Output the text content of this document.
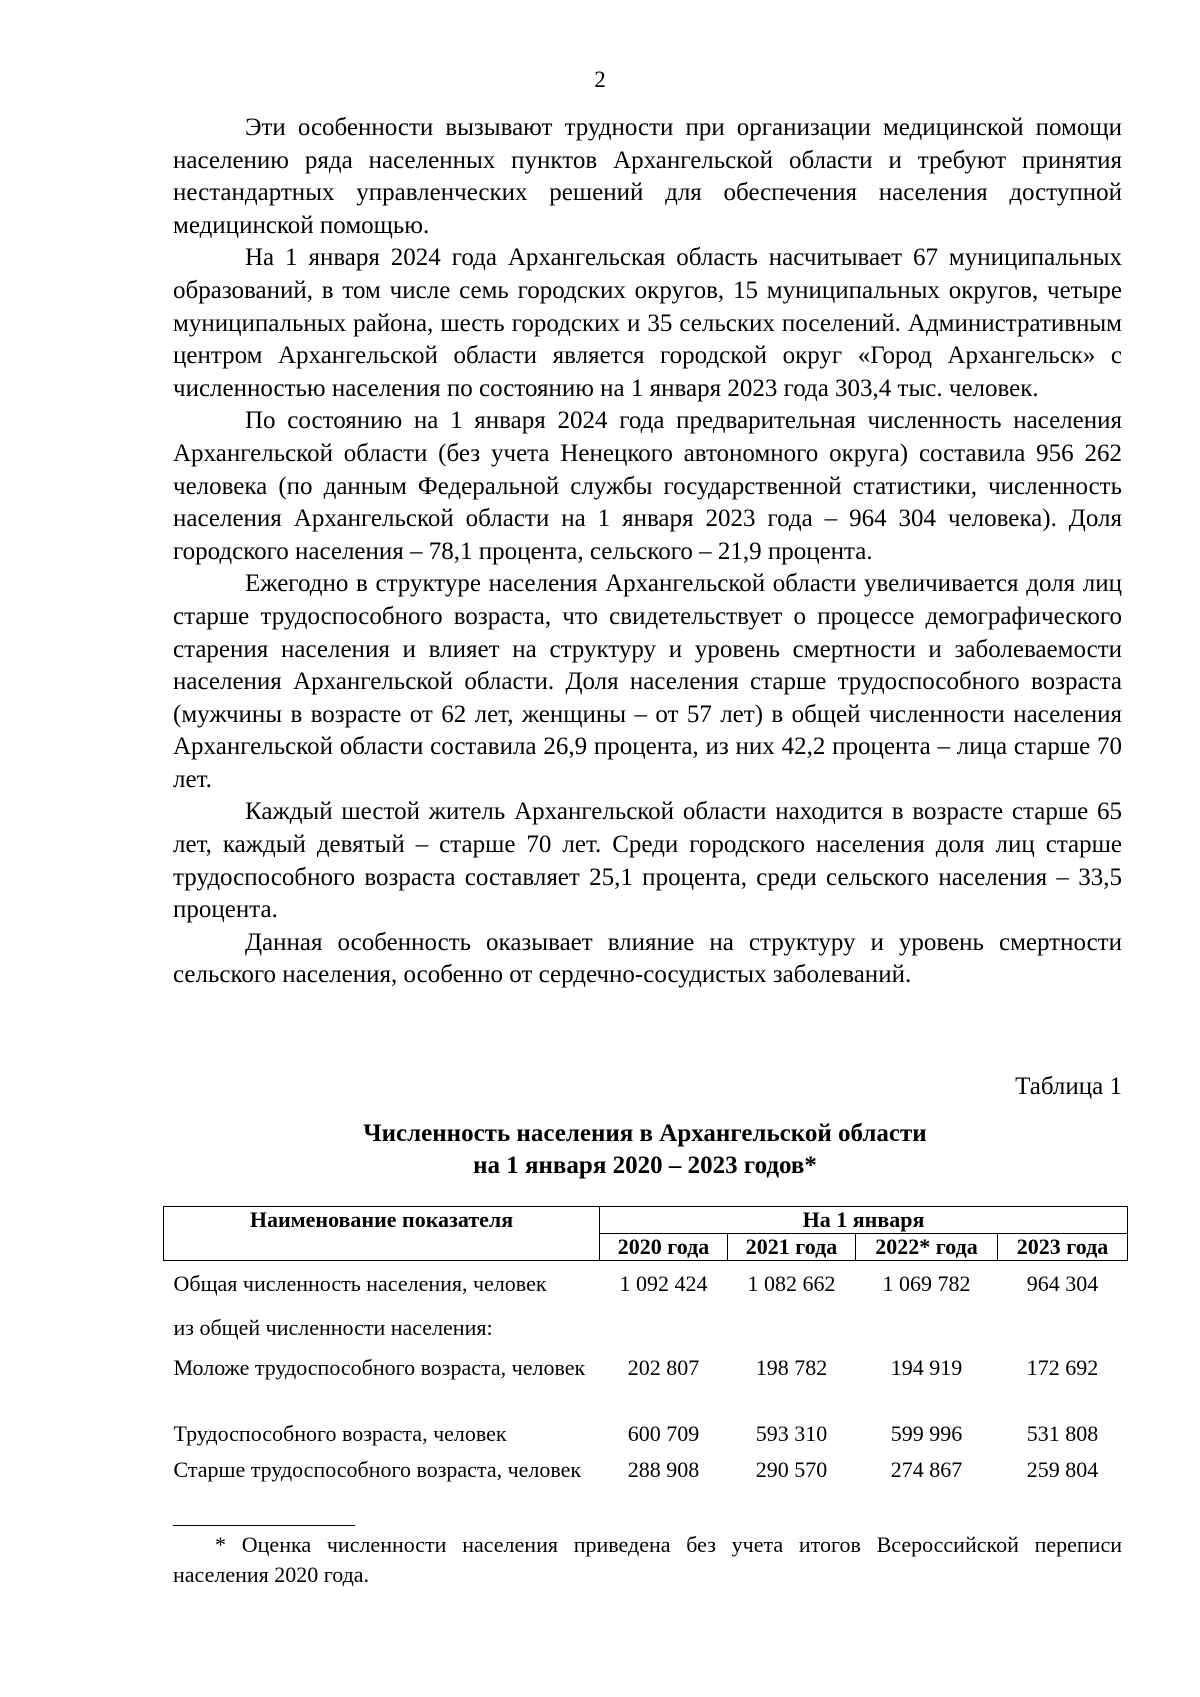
2

Эти особенности вызывают трудности при организации медицинской помощи населению ряда населенных пунктов Архангельской области и требуют принятия нестандартных управленческих решений для обеспечения населения доступной медицинской помощью.

На 1 января 2024 года Архангельская область насчитывает 67 муниципальных образований, в том числе семь городских округов, 15 муниципальных округов, четыре муниципальных района, шесть городских и 35 сельских поселений. Административным центром Архангельской области является городской округ «Город Архангельск» с численностью населения по состоянию на 1 января 2023 года 303,4 тыс. человек.

По состоянию на 1 января 2024 года предварительная численность населения Архангельской области (без учета Ненецкого автономного округа) составила 956 262 человека (по данным Федеральной службы государственной статистики, численность населения Архангельской области на 1 января 2023 года – 964 304 человека). Доля городского населения – 78,1 процента, сельского – 21,9 процента.

Ежегодно в структуре населения Архангельской области увеличивается доля лиц старше трудоспособного возраста, что свидетельствует о процессе демографического старения населения и влияет на структуру и уровень смертности и заболеваемости населения Архангельской области. Доля населения старше трудоспособного возраста (мужчины в возрасте от 62 лет, женщины – от 57 лет) в общей численности населения Архангельской области составила 26,9 процента, из них 42,2 процента – лица старше 70 лет.

Каждый шестой житель Архангельской области находится в возрасте старше 65 лет, каждый девятый – старше 70 лет. Среди городского населения доля лиц старше трудоспособного возраста составляет 25,1 процента, среди сельского населения – 33,5 процента.

Данная особенность оказывает влияние на структуру и уровень смертности сельского населения, особенно от сердечно-сосудистых заболеваний.

Таблица 1
Численность населения в Архангельской области
на 1 января 2020 – 2023 годов*
Наименование показателя	На 1 января			
	2020 года	2021 года	2022* года	2023 года
Общая численность населения, человек	1 092 424	1 082 662	1 069 782	964 304
из общей численности населения:				
Моложе трудоспособного возраста, человек	202 807	198 782	194 919	172 692
Трудоспособного возраста, человек	600 709	593 310	599 996	531 808
Старше трудоспособного возраста, человек	288 908	290 570	274 867	259 804

* Оценка численности населения приведена без учета итогов Всероссийской переписи населения 2020 года.
